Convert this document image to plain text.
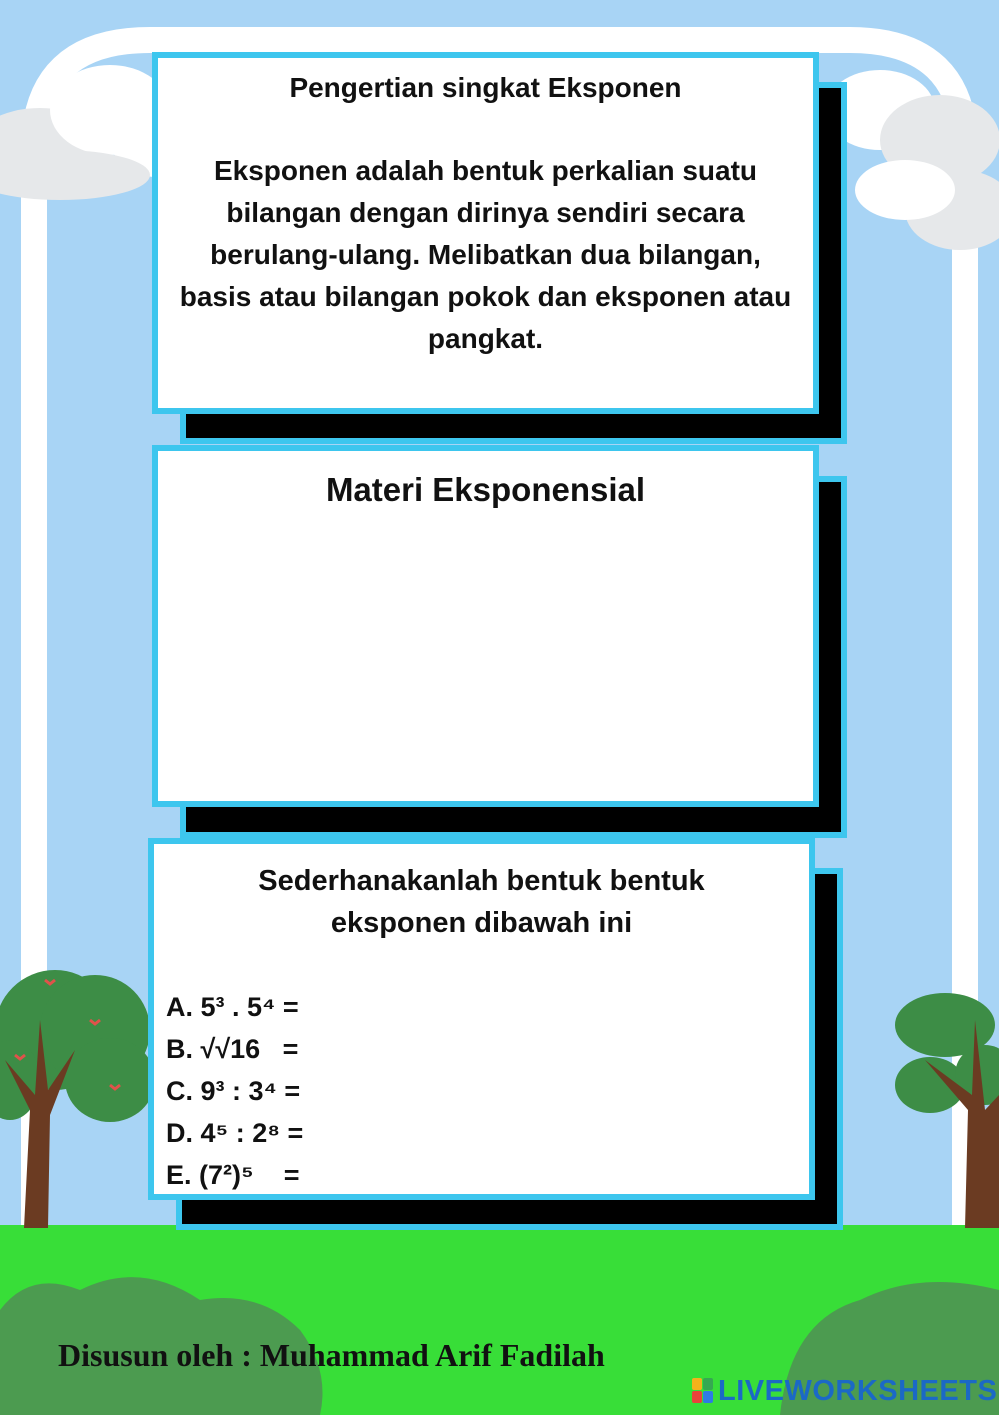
Pengertian singkat Eksponen
Eksponen adalah bentuk perkalian suatu bilangan dengan dirinya sendiri secara berulang-ulang. Melibatkan dua bilangan, basis atau bilangan pokok dan eksponen atau pangkat.
Materi Eksponensial
Sederhanakanlah bentuk bentuk eksponen dibawah ini
A. 5³ . 5⁴ =
B. √√16   =
C. 9³ : 3⁴ =
D. 4⁵ : 2⁸ =
E. (7²)⁵    =
Disusun oleh : Muhammad Arif Fadilah
LIVEWORKSHEETS
